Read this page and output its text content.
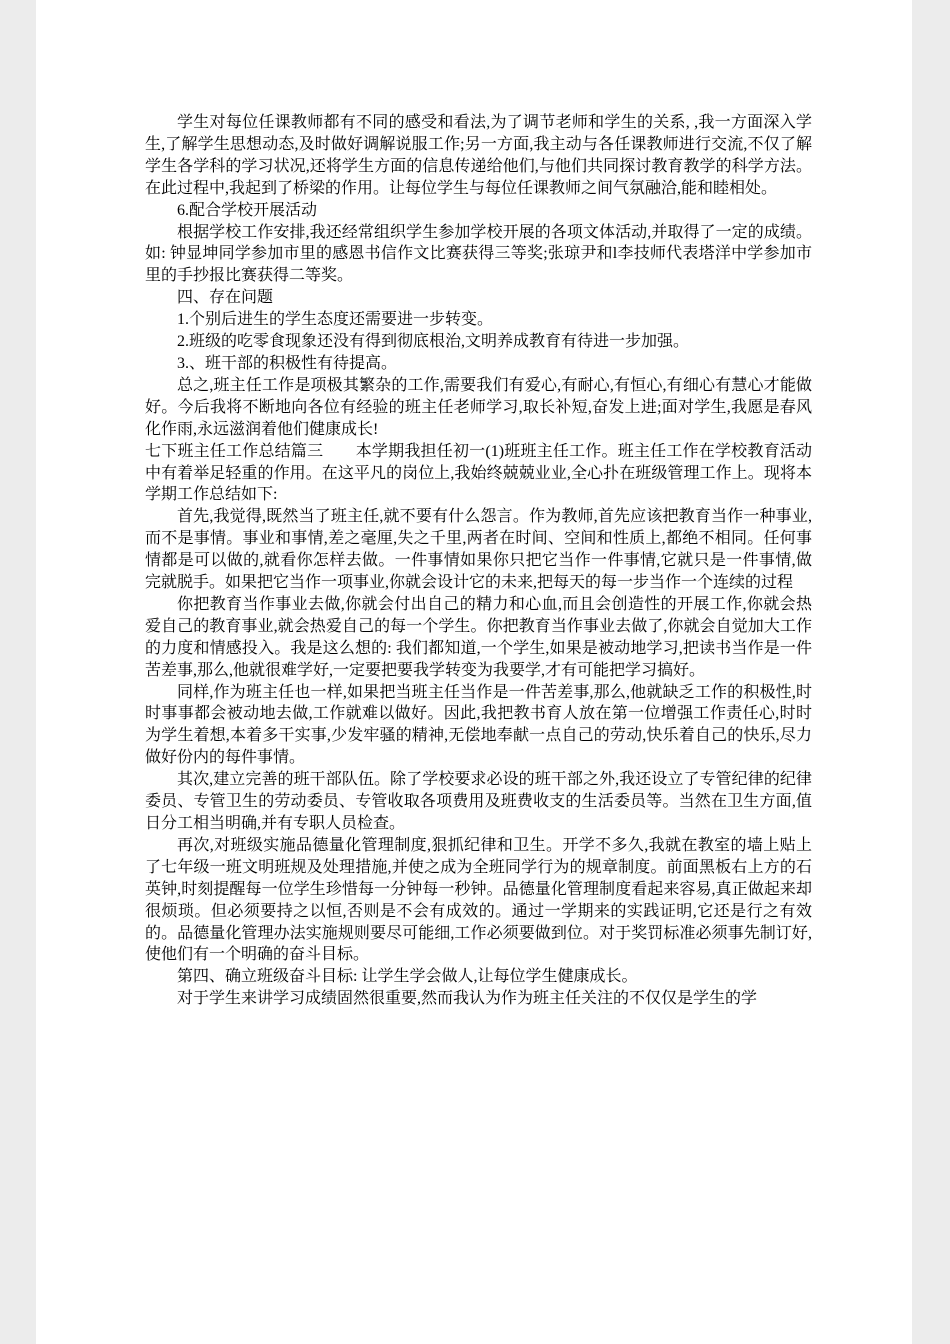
学生对每位任课教师都有不同的感受和看法,为了调节老师和学生的关系, ,我一方面深入学生,了解学生思想动态,及时做好调解说服工作;另一方面,我主动与各任课教师进行交流,不仅了解学生各学科的学习状况,还将学生方面的信息传递给他们,与他们共同探讨教育教学的科学方法。在此过程中,我起到了桥梁的作用。让每位学生与每位任课教师之间气氛融洽,能和睦相处。

6.配合学校开展活动

根据学校工作安排,我还经常组织学生参加学校开展的各项文体活动,并取得了一定的成绩。如: 钟显坤同学参加市里的感恩书信作文比赛获得三等奖;张琼尹和l李技师代表塔洋中学参加市里的手抄报比赛获得二等奖。

四、存在问题

1.个别后进生的学生态度还需要进一步转变。

2.班级的吃零食现象还没有得到彻底根治,文明养成教育有待进一步加强。

3.、班干部的积极性有待提高。

总之,班主任工作是项极其繁杂的工作,需要我们有爱心,有耐心,有恒心,有细心有慧心才能做好。今后我将不断地向各位有经验的班主任老师学习,取长补短,奋发上进;面对学生,我愿是春风化作雨,永远滋润着他们健康成长!

七下班主任工作总结篇三　　本学期我担任初一(1)班班主任工作。班主任工作在学校教育活动中有着举足轻重的作用。在这平凡的岗位上,我始终兢兢业业,全心扑在班级管理工作上。现将本学期工作总结如下:

首先,我觉得,既然当了班主任,就不要有什么怨言。作为教师,首先应该把教育当作一种事业,而不是事情。事业和事情,差之毫厘,失之千里,两者在时间、空间和性质上,都绝不相同。任何事情都是可以做的,就看你怎样去做。一件事情如果你只把它当作一件事情,它就只是一件事情,做完就脱手。如果把它当作一项事业,你就会设计它的未来,把每天的每一步当作一个连续的过程

你把教育当作事业去做,你就会付出自己的精力和心血,而且会创造性的开展工作,你就会热爱自己的教育事业,就会热爱自己的每一个学生。你把教育当作事业去做了,你就会自觉加大工作的力度和情感投入。我是这么想的: 我们都知道,一个学生,如果是被动地学习,把读书当作是一件苦差事,那么,他就很难学好,一定要把要我学转变为我要学,才有可能把学习搞好。

同样,作为班主任也一样,如果把当班主任当作是一件苦差事,那么,他就缺乏工作的积极性,时时事事都会被动地去做,工作就难以做好。因此,我把教书育人放在第一位增强工作责任心,时时为学生着想,本着多干实事,少发牢骚的精神,无偿地奉献一点自己的劳动,快乐着自己的快乐,尽力做好份内的每件事情。

其次,建立完善的班干部队伍。除了学校要求必设的班干部之外,我还设立了专管纪律的纪律委员、专管卫生的劳动委员、专管收取各项费用及班费收支的生活委员等。当然在卫生方面,值日分工相当明确,并有专职人员检查。

再次,对班级实施品德量化管理制度,狠抓纪律和卫生。开学不多久,我就在教室的墙上贴上了七年级一班文明班规及处理措施,并使之成为全班同学行为的规章制度。前面黑板右上方的石英钟,时刻提醒每一位学生珍惜每一分钟每一秒钟。品德量化管理制度看起来容易,真正做起来却很烦琐。但必须要持之以恒,否则是不会有成效的。通过一学期来的实践证明,它还是行之有效的。品德量化管理办法实施规则要尽可能细,工作必须要做到位。对于奖罚标准必须事先制订好,使他们有一个明确的奋斗目标。

第四、确立班级奋斗目标: 让学生学会做人,让每位学生健康成长。

对于学生来讲学习成绩固然很重要,然而我认为作为班主任关注的不仅仅是学生的学
